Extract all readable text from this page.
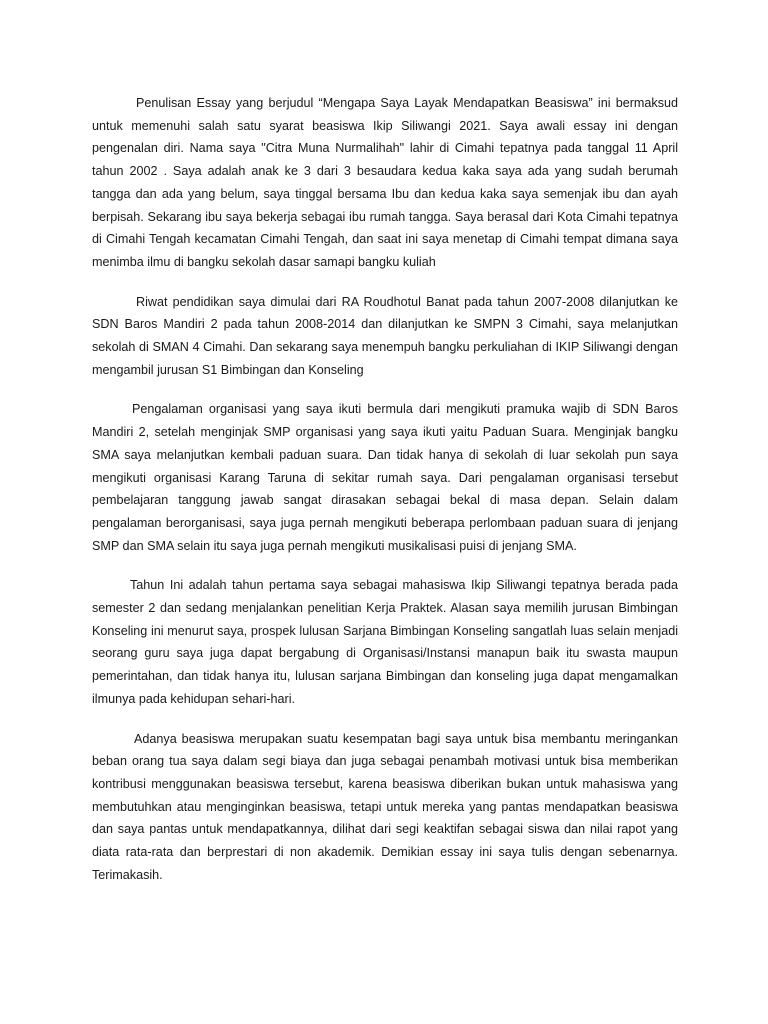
Penulisan Essay yang berjudul “Mengapa Saya Layak Mendapatkan Beasiswa” ini bermaksud untuk memenuhi salah satu syarat beasiswa Ikip Siliwangi 2021. Saya awali essay ini dengan pengenalan diri. Nama saya "Citra Muna Nurmalihah" lahir di Cimahi tepatnya pada tanggal 11 April tahun 2002 . Saya adalah anak ke 3 dari 3 besaudara kedua kaka saya ada yang sudah berumah tangga dan ada yang belum, saya tinggal bersama Ibu dan kedua kaka saya semenjak ibu dan ayah berpisah. Sekarang ibu saya bekerja sebagai ibu rumah tangga. Saya berasal dari Kota Cimahi tepatnya di Cimahi Tengah kecamatan Cimahi Tengah, dan saat ini saya menetap di Cimahi tempat dimana saya menimba ilmu di bangku sekolah dasar samapi bangku kuliah

Riwat pendidikan saya dimulai dari RA Roudhotul Banat pada tahun 2007-2008 dilanjutkan ke SDN Baros Mandiri 2 pada tahun 2008-2014 dan dilanjutkan ke SMPN 3 Cimahi, saya melanjutkan sekolah di SMAN 4 Cimahi. Dan sekarang saya menempuh bangku perkuliahan di IKIP Siliwangi dengan mengambil jurusan S1 Bimbingan dan Konseling

Pengalaman organisasi yang saya ikuti bermula dari mengikuti pramuka wajib di SDN Baros Mandiri 2, setelah menginjak SMP organisasi yang saya ikuti yaitu Paduan Suara. Menginjak bangku SMA saya melanjutkan kembali paduan suara. Dan tidak hanya di sekolah di luar sekolah pun saya mengikuti organisasi Karang Taruna di sekitar rumah saya. Dari pengalaman organisasi tersebut pembelajaran tanggung jawab sangat dirasakan sebagai bekal di masa depan. Selain dalam pengalaman berorganisasi, saya juga pernah mengikuti beberapa perlombaan paduan suara di jenjang SMP dan SMA selain itu saya juga pernah mengikuti musikalisasi puisi di jenjang SMA.

Tahun Ini adalah tahun pertama saya sebagai mahasiswa Ikip Siliwangi tepatnya berada pada semester 2 dan sedang menjalankan penelitian Kerja Praktek. Alasan saya memilih jurusan Bimbingan Konseling ini menurut saya, prospek lulusan Sarjana Bimbingan Konseling sangatlah luas selain menjadi seorang guru saya juga dapat bergabung di Organisasi/Instansi manapun baik itu swasta maupun pemerintahan, dan tidak hanya itu, lulusan sarjana Bimbingan dan konseling juga dapat mengamalkan ilmunya pada kehidupan sehari-hari.

Adanya beasiswa merupakan suatu kesempatan bagi saya untuk bisa membantu meringankan beban orang tua saya dalam segi biaya dan juga sebagai penambah motivasi untuk bisa memberikan kontribusi menggunakan beasiswa tersebut, karena beasiswa diberikan bukan untuk mahasiswa yang membutuhkan atau menginginkan beasiswa, tetapi untuk mereka yang pantas mendapatkan beasiswa dan saya pantas untuk mendapatkannya, dilihat dari segi keaktifan sebagai siswa dan nilai rapot yang diata rata-rata dan berprestari di non akademik. Demikian essay ini saya tulis dengan sebenarnya. Terimakasih.
